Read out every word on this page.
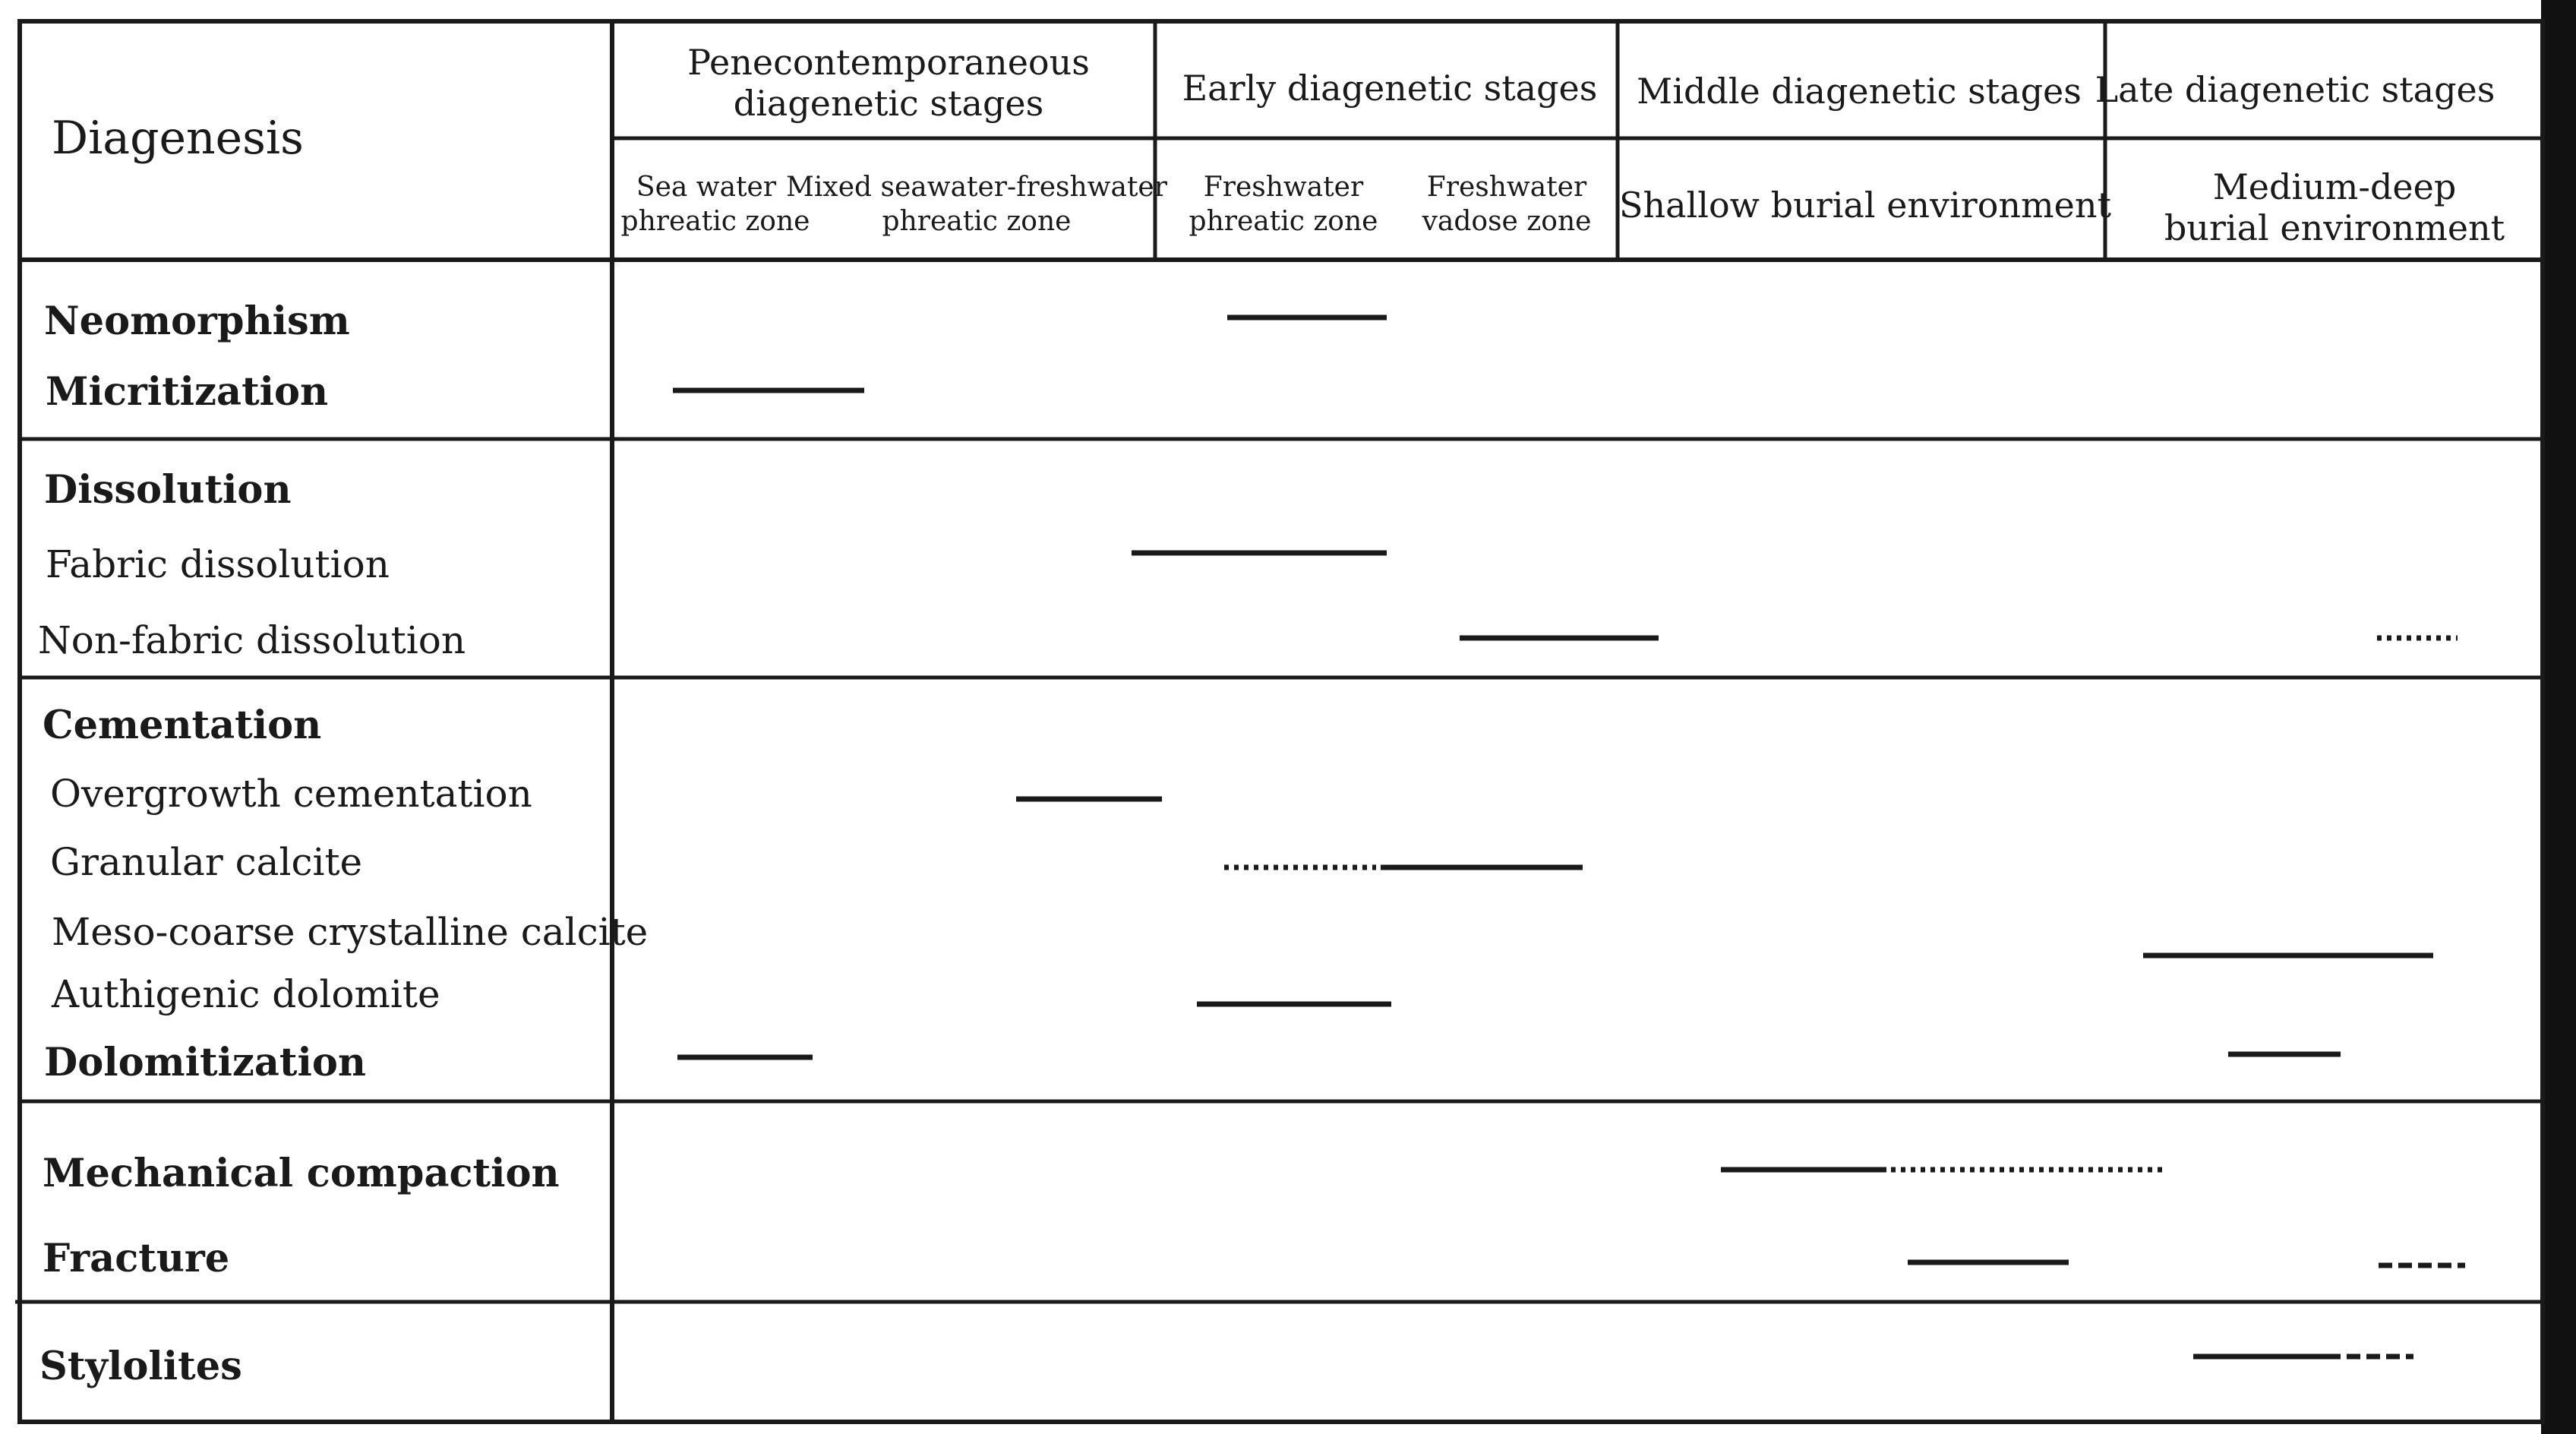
Diagenesis
Penecontemporaneous
diagenetic stages	Early diagenetic stages Middle diagenetic stages Late diagenetic stages
Sea water
phreatic zone
Mixed seawater-freshwater
phreatic zone
Freshwater
phreatic zone
Freshwater
vadose zone Shallow burial environment	Medium-deep
burial environment
Neomorphism
Micritization
Dissolution
Fabric dissolution
Non-fabric dissolution
Cementation
Overgrowth cementation
Granular calcite
Meso-coarse crystalline calcite
Authigenic dolomite
Dolomitization
Mechanical compaction
Fracture
Stylolites
